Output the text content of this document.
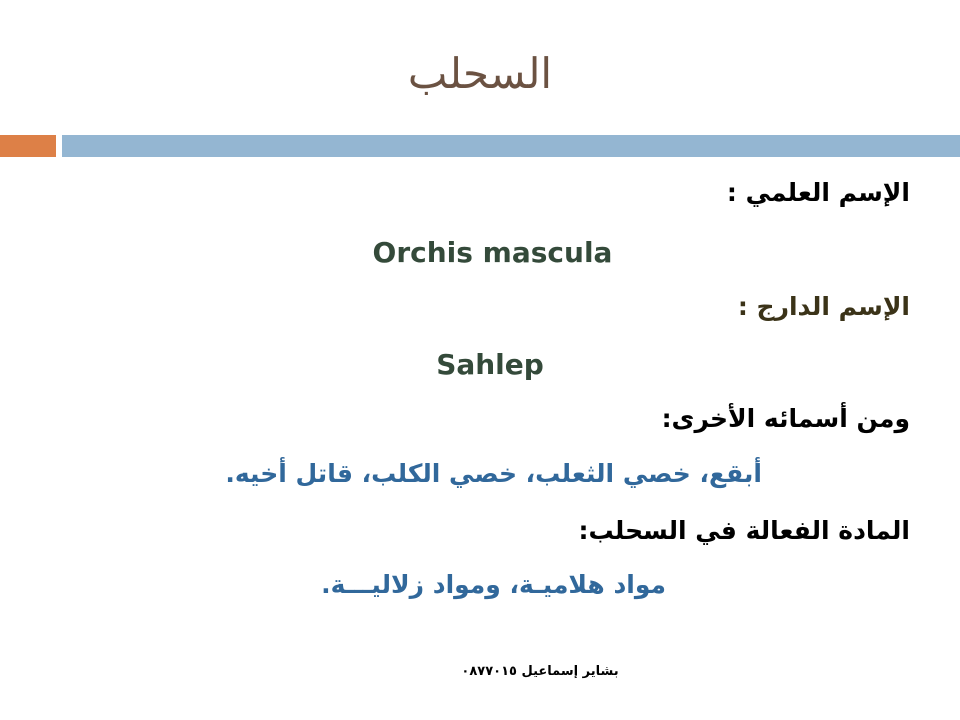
السحلب
الإسم العلمي :
Orchis mascula
الإسم الدارج :
Sahlep
ومن أسمائه الأخرى:
أبقع، خصي الثعلب، خصي الكلب، قاتل أخيه.
المادة الفعالة في السحلب:
مواد هلاميـة، ومواد زلاليـــة.
بشاير إسماعيل ٠٨٧٧٠١٥
